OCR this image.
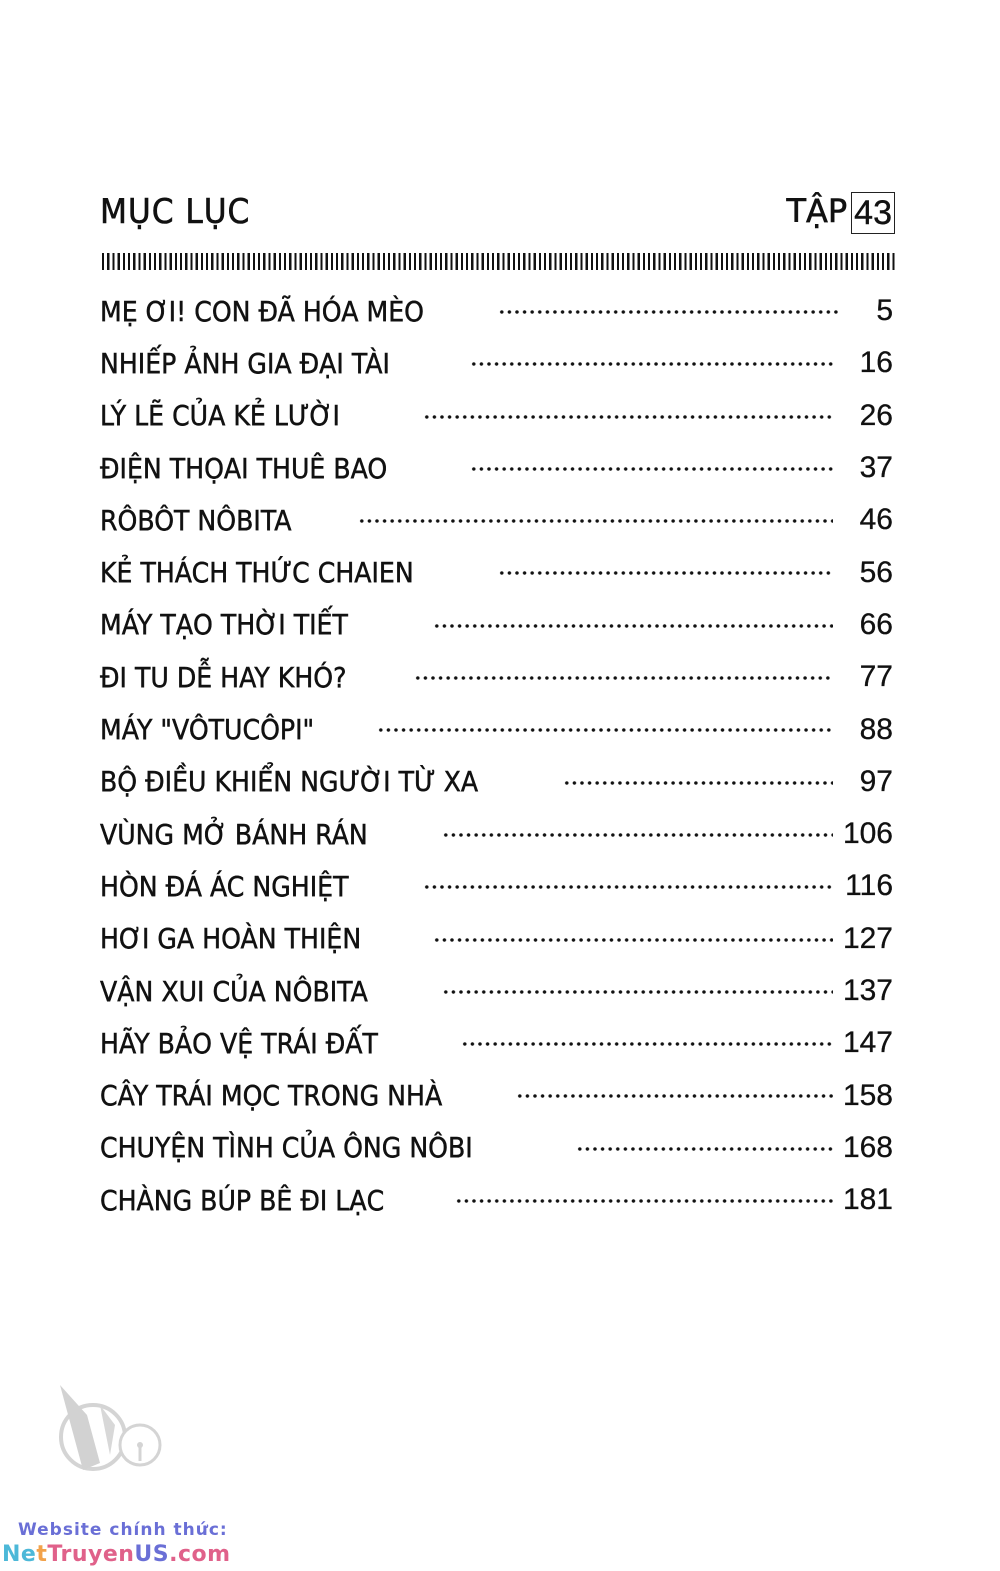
MỤC LỤC	TẬP 43
MẸ ƠI! CON ĐÃ HÓA MÈO	5
NHIẾP ẢNH GIA ĐẠI TÀI	16
LÝ LẼ CỦA KẺ LƯỜI	26
ĐIỆN THỌAI THUÊ BAO	37
RÔBÔT NÔBITA	46
KẺ THÁCH THỨC CHAIEN	56
MÁY TẠO THỜI TIẾT	66
ĐI TU DỄ HAY KHÓ?	77
MÁY "VÔTUCÔPI"	88
BỘ ĐIỀU KHIỂN NGƯỜI TỪ XA	97
VÙNG MỞ BÁNH RÁN	106
HÒN ĐÁ ÁC NGHIỆT	116
HƠI GA HOÀN THIỆN	127
VẬN XUI CỦA NÔBITA	137
HÃY BẢO VỆ TRÁI ĐẤT	147
CÂY TRÁI MỌC TRONG NHÀ	158
CHUYỆN TÌNH CỦA ÔNG NÔBI	168
CHÀNG BÚP BÊ ĐI LẠC	181
Website chính thức:
NetTruyenUS.com
